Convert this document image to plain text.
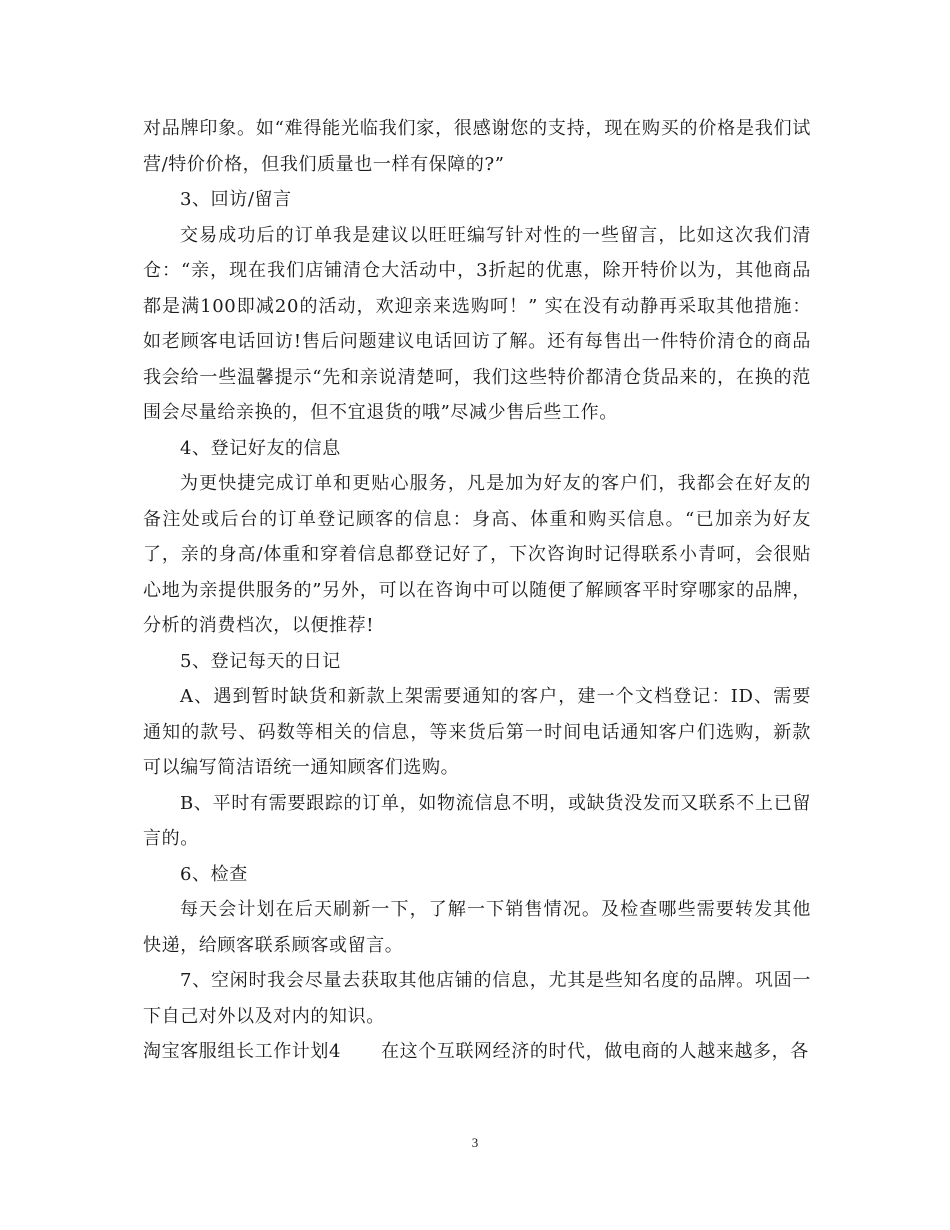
对品牌印象。如“难得能光临我们家，很感谢您的支持，现在购买的价格是我们试营/特价价格，但我们质量也一样有保障的?”

3、回访/留言

交易成功后的订单我是建议以旺旺编写针对性的一些留言，比如这次我们清仓：“亲，现在我们店铺清仓大活动中，3折起的优惠，除开特价以为，其他商品都是满100即减20的活动，欢迎亲来选购呵！” 实在没有动静再采取其他措施：如老顾客电话回访!售后问题建议电话回访了解。还有每售出一件特价清仓的商品我会给一些温馨提示“先和亲说清楚呵，我们这些特价都清仓货品来的，在换的范围会尽量给亲换的，但不宜退货的哦”尽减少售后些工作。

4、登记好友的信息

为更快捷完成订单和更贴心服务，凡是加为好友的客户们，我都会在好友的备注处或后台的订单登记顾客的信息：身高、体重和购买信息。“已加亲为好友了，亲的身高/体重和穿着信息都登记好了，下次咨询时记得联系小青呵，会很贴心地为亲提供服务的”另外，可以在咨询中可以随便了解顾客平时穿哪家的品牌，分析的消费档次，以便推荐!

5、登记每天的日记

A、遇到暂时缺货和新款上架需要通知的客户，建一个文档登记：ID、需要通知的款号、码数等相关的信息，等来货后第一时间电话通知客户们选购，新款可以编写简洁语统一通知顾客们选购。

B、平时有需要跟踪的订单，如物流信息不明，或缺货没发而又联系不上已留言的。

6、检查

每天会计划在后天刷新一下，了解一下销售情况。及检查哪些需要转发其他快递，给顾客联系顾客或留言。

7、空闲时我会尽量去获取其他店铺的信息，尤其是些知名度的品牌。巩固一下自己对外以及对内的知识。

淘宝客服组长工作计划4 在这个互联网经济的时代，做电商的人越来越多，各

3
